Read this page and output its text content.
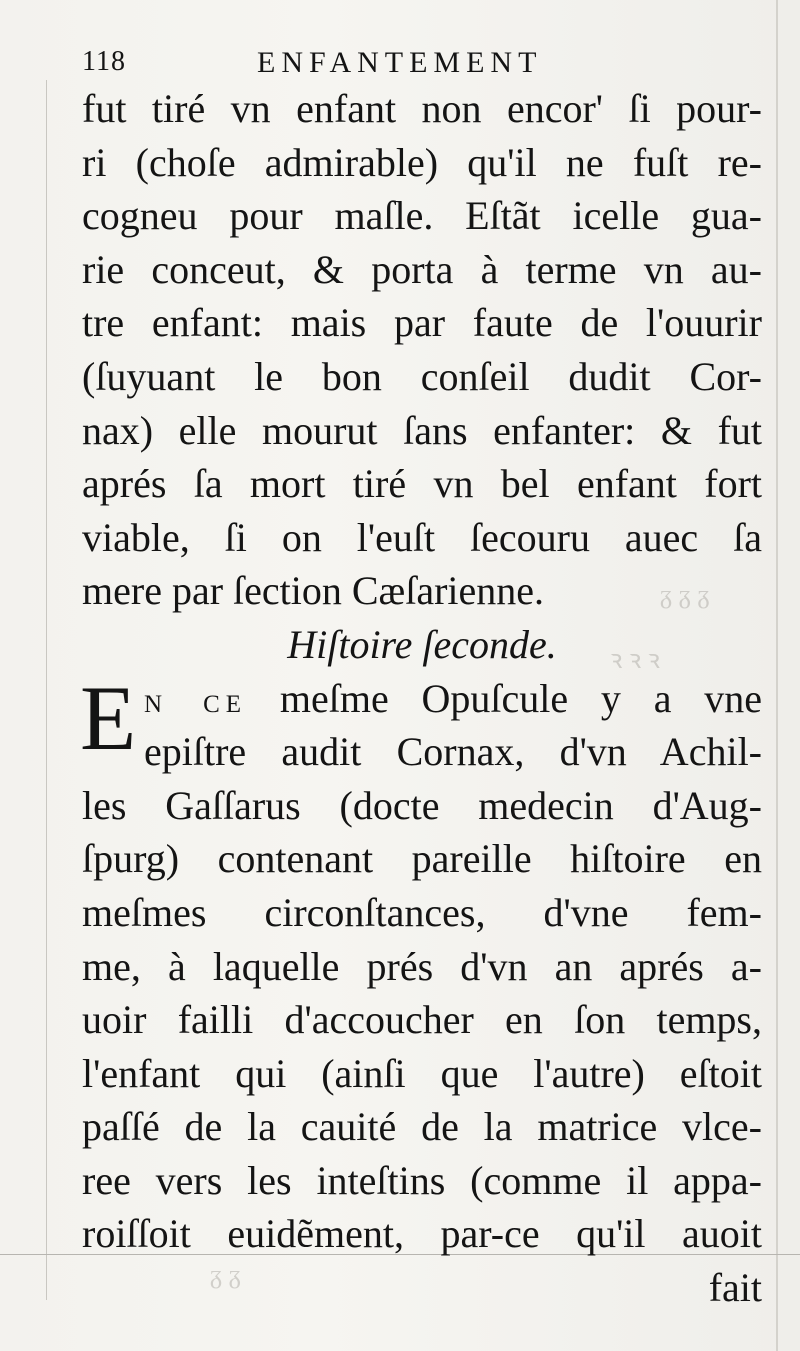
ᵹ ᵹ ᵹ
ꝛ ꝛ ꝛ
ᵹ ᵹ
118	ENFANTEMENT
E
fut tiré vn enfant non encor' ſi pour-
ri (choſe admirable) qu'il ne fuſt re-
cogneu pour maſle. Eſtãt icelle gua-
rie conceut, & porta à terme vn au-
tre enfant: mais par faute de l'ouurir
(ſuyuant le bon conſeil dudit Cor-
nax) elle mourut ſans enfanter: & fut
aprés ſa mort tiré vn bel enfant fort
viable, ſi on l'euſt ſecouru auec ſa
mere par ſection Cæſarienne.
Hiſtoire ſeconde.
N CE meſme Opuſcule y a vne
epiſtre audit Cornax, d'vn Achil-
les Gaſſarus (docte medecin d'Aug-
ſpurg) contenant pareille hiſtoire en
meſmes circonſtances, d'vne fem-
me, à laquelle prés d'vn an aprés a-
uoir failli d'accoucher en ſon temps,
l'enfant qui (ainſi que l'autre) eſtoit
paſſé de la cauité de la matrice vlce-
ree vers les inteſtins (comme il appa-
roiſſoit euidẽment, par-ce qu'il auoit
fait
